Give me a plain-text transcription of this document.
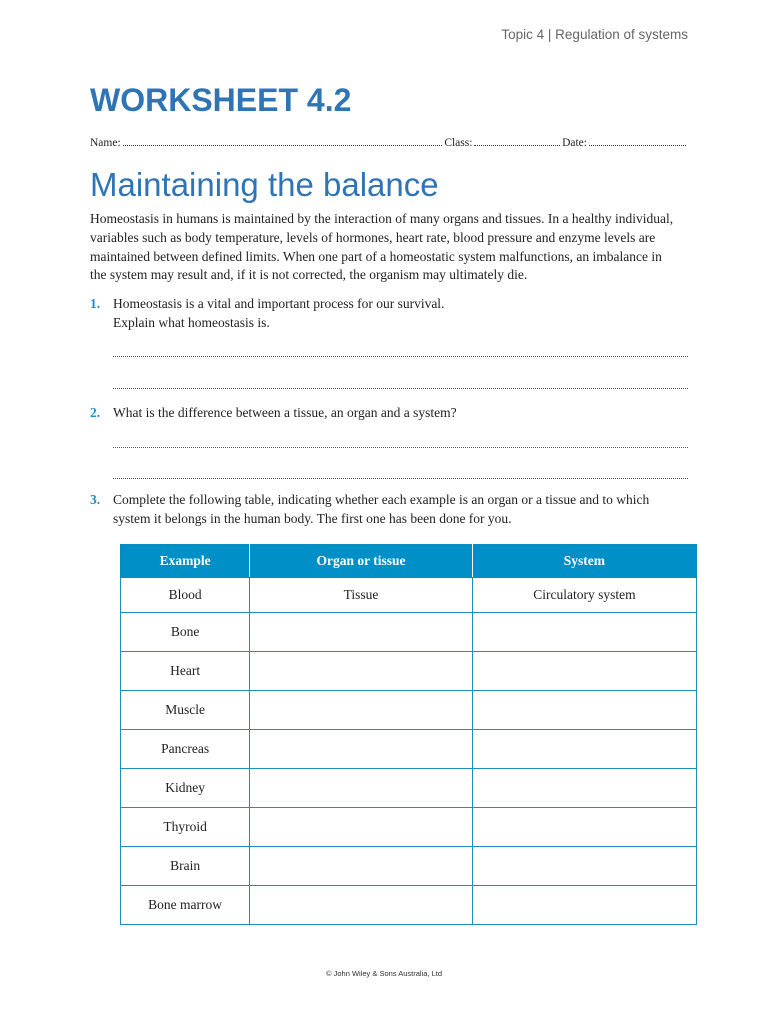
Topic 4 | Regulation of systems
WORKSHEET 4.2
Name:	Class:	Date:
Maintaining the balance

Homeostasis in humans is maintained by the interaction of many organs and tissues. In a healthy individual, variables such as body temperature, levels of hormones, heart rate, blood pressure and enzyme levels are maintained between defined limits. When one part of a homeostatic system malfunctions, an imbalance in the system may result and, if it is not corrected, the organism may ultimately die.

1. Homeostasis is a vital and important process for our survival.
Explain what homeostasis is.
2. What is the difference between a tissue, an organ and a system?
3. Complete the following table, indicating whether each example is an organ or a tissue and to which system it belongs in the human body. The first one has been done for you.
Example	Organ or tissue	System
Blood	Tissue	Circulatory system
Bone		
Heart		
Muscle		
Pancreas		
Kidney		
Thyroid		
Brain		
Bone marrow		
© John Wiley & Sons Australia, Ltd
